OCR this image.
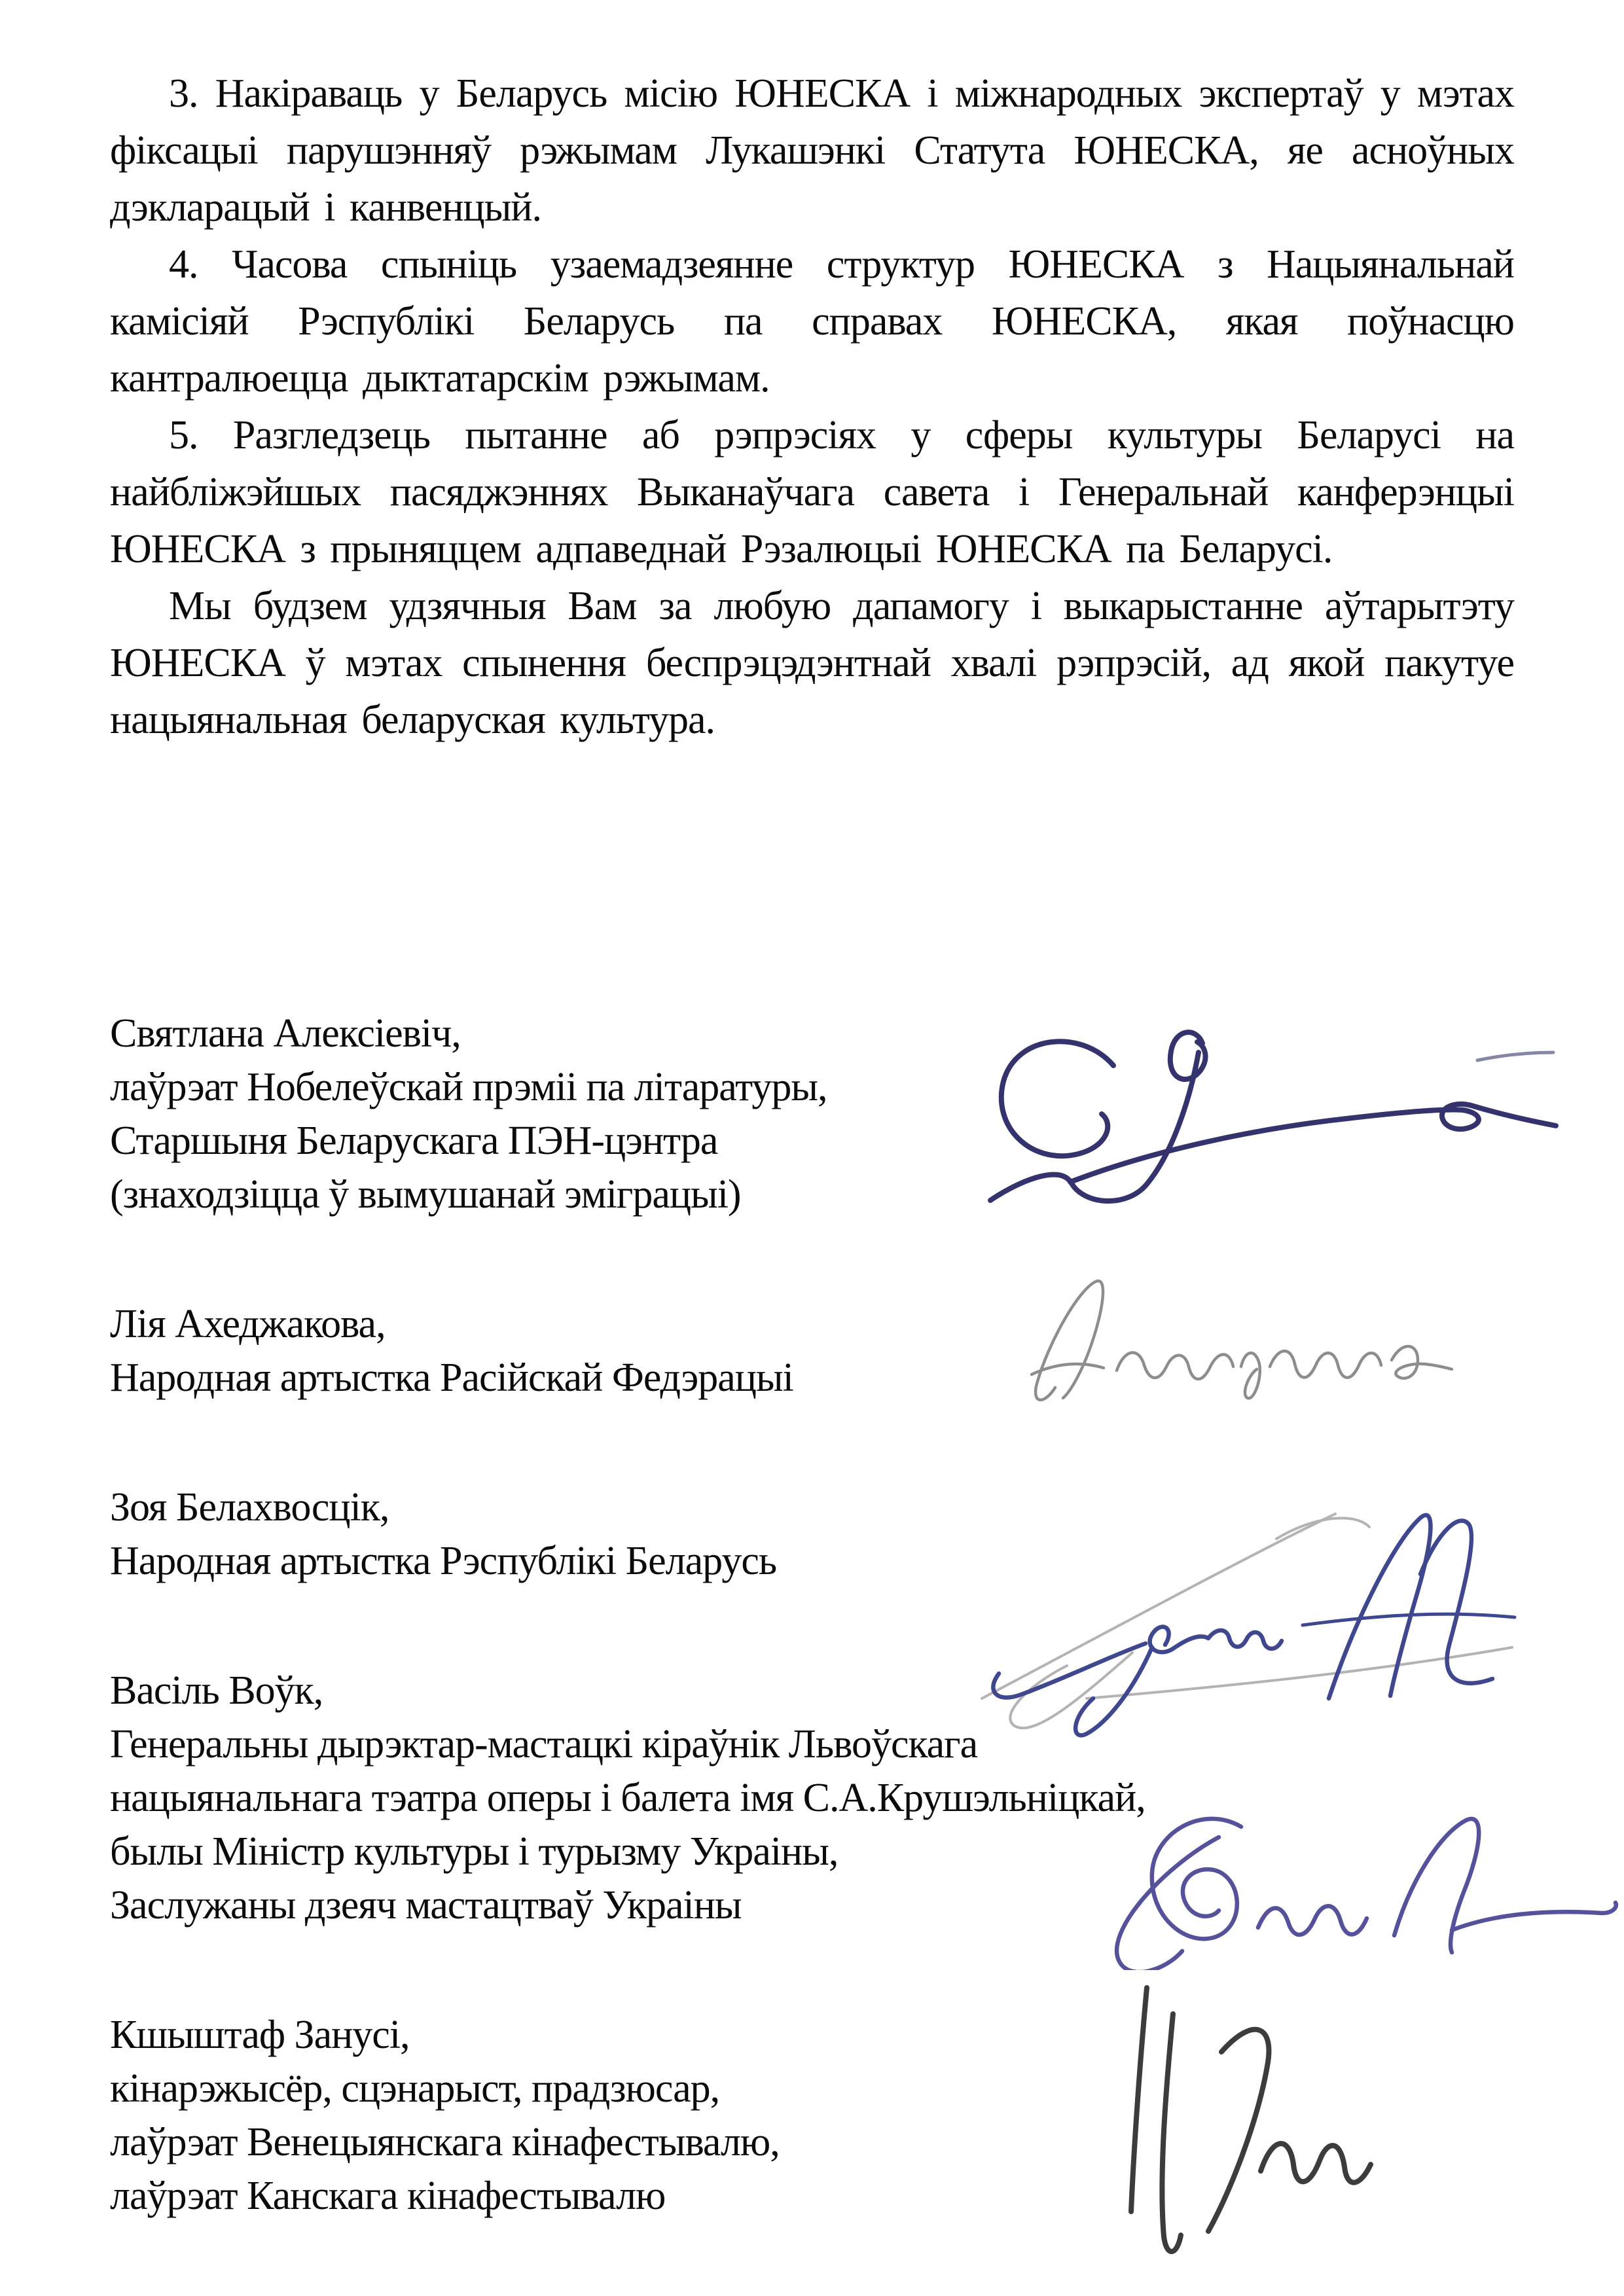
3. Накіраваць у Беларусь місію ЮНЕСКА і міжнародных экспертаў у мэтах фіксацыі парушэнняў рэжымам Лукашэнкі Статута ЮНЕСКА, яе асноўных дэкларацый і канвенцый.

4. Часова спыніць узаемадзеянне структур ЮНЕСКА з Нацыянальнай камісіяй Рэспублікі Беларусь па справах ЮНЕСКА, якая поўнасцю кантралюецца дыктатарскім рэжымам.

5. Разгледзець пытанне аб рэпрэсіях у сферы культуры Беларусі на найбліжэйшых пасяджэннях Выканаўчага савета і Генеральнай канферэнцыі ЮНЕСКА з прыняццем адпаведнай Рэзалюцыі ЮНЕСКА па Беларусі.

Мы будзем удзячныя Вам за любую дапамогу і выкарыстанне аўтарытэту ЮНЕСКА ў мэтах спынення беспрэцэдэнтнай хвалі рэпрэсій, ад якой пакутуе нацыянальная беларуская культура.

Святлана Алексіевіч,
лаўрэат Нобелеўскай прэміі па літаратуры,
Старшыня Беларускага ПЭН-цэнтра
(знаходзіцца ў вымушанай эміграцыі)
Лія Ахеджакова,
Народная артыстка Расійскай Федэрацыі
Зоя Белахвосцік,
Народная артыстка Рэспублікі Беларусь
Васіль Воўк,
Генеральны дырэктар-мастацкі кіраўнік Львоўскага
нацыянальнага тэатра оперы і балета імя С.А.Крушэльніцкай,
былы Міністр культуры і турызму Украіны,
Заслужаны дзеяч мастацтваў Украіны
Кшыштаф Занусі,
кінарэжысёр, сцэнарыст, прадзюсар,
лаўрэат Венецыянскага кінафестывалю,
лаўрэат Канскага кінафестывалю
